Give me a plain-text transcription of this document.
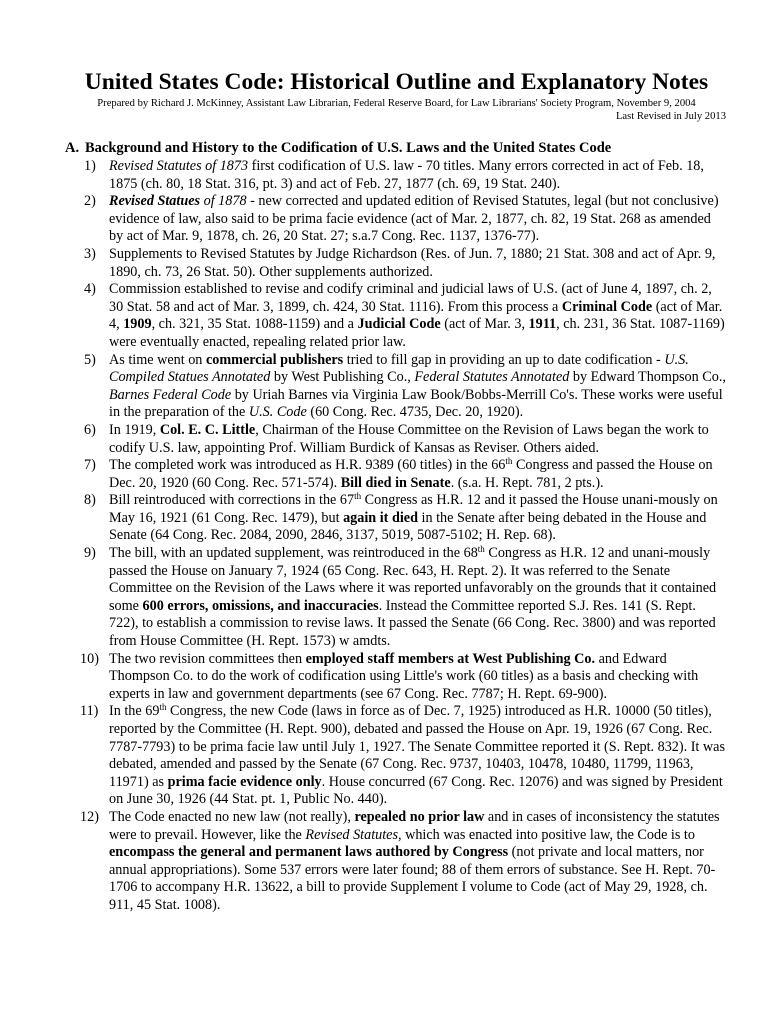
United States Code: Historical Outline and Explanatory Notes
Prepared by Richard J. McKinney, Assistant Law Librarian, Federal Reserve Board, for Law Librarians' Society Program, November 9, 2004
Last Revised in July 2013
A. Background and History to the Codification of U.S. Laws and the United States Code
1) Revised Statutes of 1873 first codification of U.S. law - 70 titles. Many errors corrected in act of Feb. 18, 1875 (ch. 80, 18 Stat. 316, pt. 3) and act of Feb. 27, 1877 (ch. 69, 19 Stat. 240).
2) Revised Statues of 1878 - new corrected and updated edition of Revised Statutes, legal (but not conclusive) evidence of law, also said to be prima facie evidence (act of Mar. 2, 1877, ch. 82, 19 Stat. 268 as amended by act of Mar. 9, 1878, ch. 26, 20 Stat. 27; s.a.7 Cong. Rec. 1137, 1376-77).
3) Supplements to Revised Statutes by Judge Richardson (Res. of Jun. 7, 1880; 21 Stat. 308 and act of Apr. 9, 1890, ch. 73, 26 Stat. 50). Other supplements authorized.
4) Commission established to revise and codify criminal and judicial laws of U.S. (act of June 4, 1897, ch. 2, 30 Stat. 58 and act of Mar. 3, 1899, ch. 424, 30 Stat. 1116). From this process a Criminal Code (act of Mar. 4, 1909, ch. 321, 35 Stat. 1088-1159) and a Judicial Code (act of Mar. 3, 1911, ch. 231, 36 Stat. 1087-1169) were eventually enacted, repealing related prior law.
5) As time went on commercial publishers tried to fill gap in providing an up to date codification - U.S. Compiled Statues Annotated by West Publishing Co., Federal Statutes Annotated by Edward Thompson Co., Barnes Federal Code by Uriah Barnes via Virginia Law Book/Bobbs-Merrill Co's. These works were useful in the preparation of the U.S. Code (60 Cong. Rec. 4735, Dec. 20, 1920).
6) In 1919, Col. E. C. Little, Chairman of the House Committee on the Revision of Laws began the work to codify U.S. law, appointing Prof. William Burdick of Kansas as Reviser. Others aided.
7) The completed work was introduced as H.R. 9389 (60 titles) in the 66th Congress and passed the House on Dec. 20, 1920 (60 Cong. Rec. 571-574). Bill died in Senate. (s.a. H. Rept. 781, 2 pts.).
8) Bill reintroduced with corrections in the 67th Congress as H.R. 12 and it passed the House unani-mously on May 16, 1921 (61 Cong. Rec. 1479), but again it died in the Senate after being debated in the House and Senate (64 Cong. Rec. 2084, 2090, 2846, 3137, 5019, 5087-5102; H. Rep. 68).
9) The bill, with an updated supplement, was reintroduced in the 68th Congress as H.R. 12 and unani-mously passed the House on January 7, 1924 (65 Cong. Rec. 643, H. Rept. 2). It was referred to the Senate Committee on the Revision of the Laws where it was reported unfavorably on the grounds that it contained some 600 errors, omissions, and inaccuracies. Instead the Committee reported S.J. Res. 141 (S. Rept. 722), to establish a commission to revise laws. It passed the Senate (66 Cong. Rec. 3800) and was reported from House Committee (H. Rept. 1573) w amdts.
10) The two revision committees then employed staff members at West Publishing Co. and Edward Thompson Co. to do the work of codification using Little's work (60 titles) as a basis and checking with experts in law and government departments (see 67 Cong. Rec. 7787; H. Rept. 69-900).
11) In the 69th Congress, the new Code (laws in force as of Dec. 7, 1925) introduced as H.R. 10000 (50 titles), reported by the Committee (H. Rept. 900), debated and passed the House on Apr. 19, 1926 (67 Cong. Rec. 7787-7793) to be prima facie law until July 1, 1927. The Senate Committee reported it (S. Rept. 832). It was debated, amended and passed by the Senate (67 Cong. Rec. 9737, 10403, 10478, 10480, 11799, 11963, 11971) as prima facie evidence only. House concurred (67 Cong. Rec. 12076) and was signed by President on June 30, 1926 (44 Stat. pt. 1, Public No. 440).
12) The Code enacted no new law (not really), repealed no prior law and in cases of inconsistency the statutes were to prevail. However, like the Revised Statutes, which was enacted into positive law, the Code is to encompass the general and permanent laws authored by Congress (not private and local matters, nor annual appropriations). Some 537 errors were later found; 88 of them errors of substance. See H. Rept. 70-1706 to accompany H.R. 13622, a bill to provide Supplement I volume to Code (act of May 29, 1928, ch. 911, 45 Stat. 1008).
